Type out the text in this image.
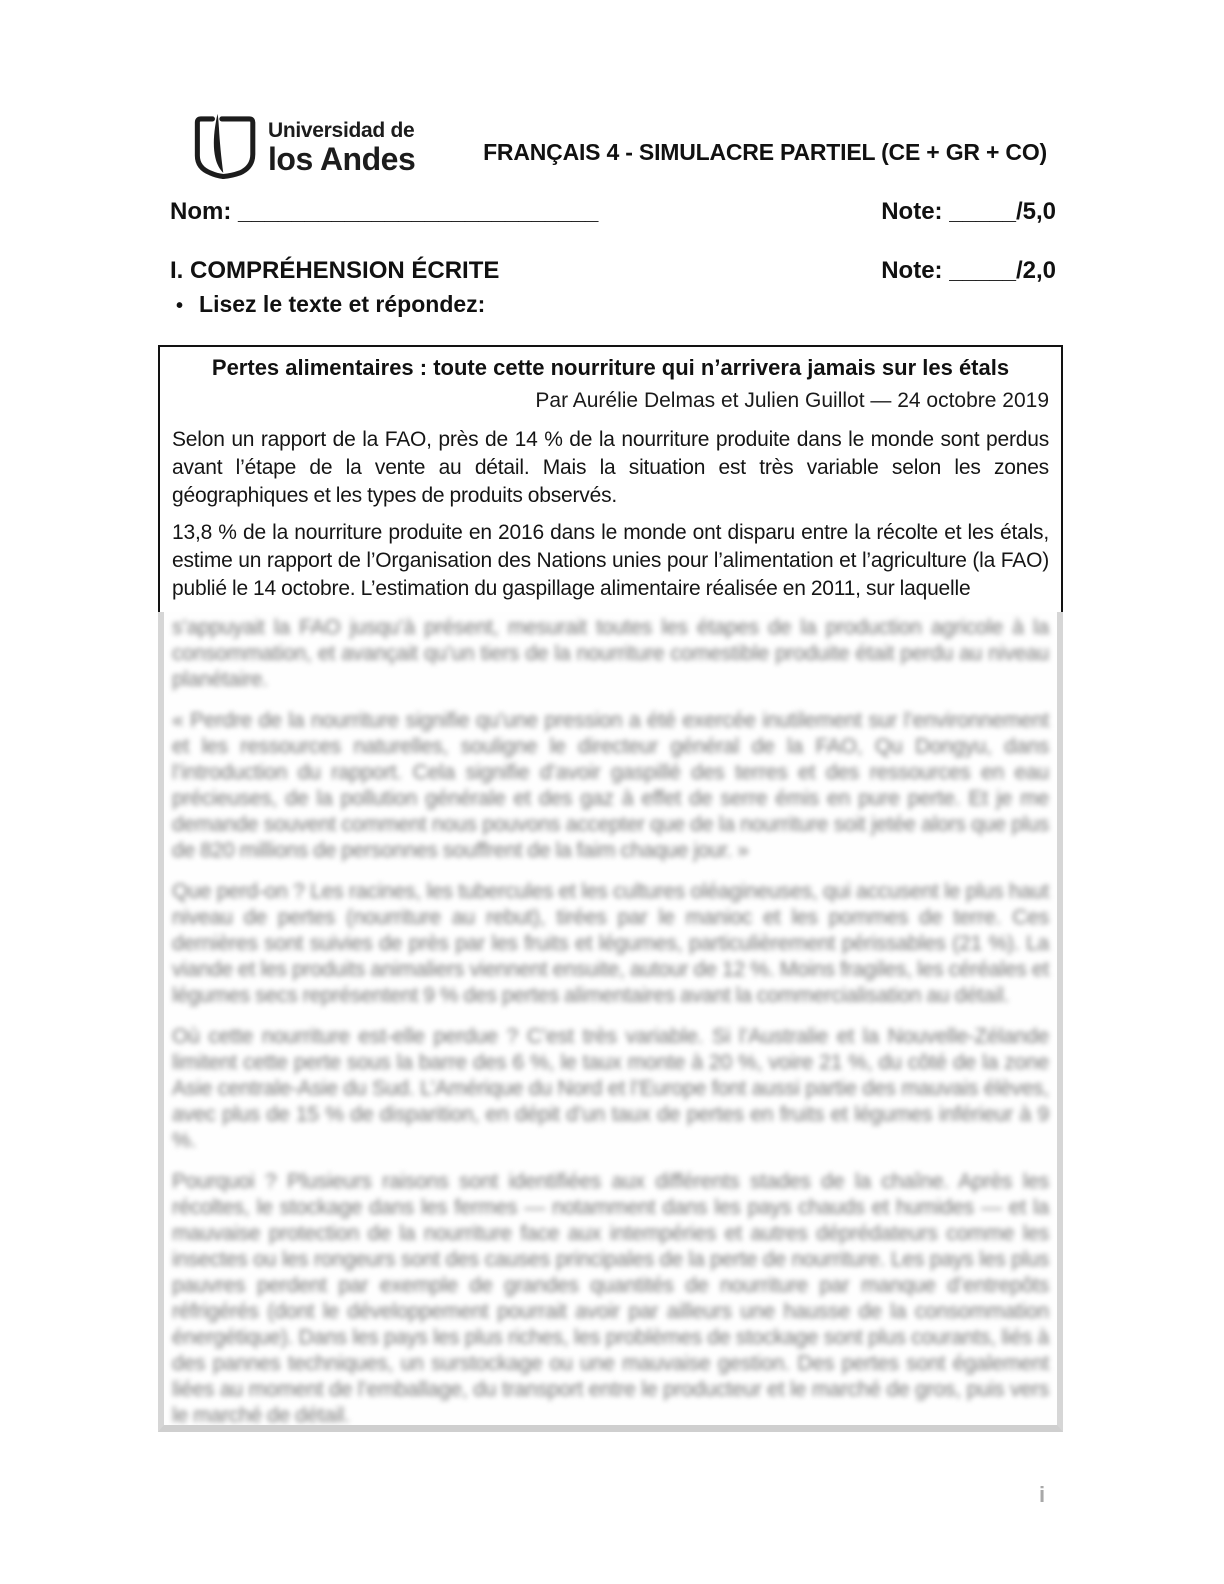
Universidad de
los Andes	FRANÇAIS 4 - SIMULACRE PARTIEL (CE + GR + CO)
Nom: ___________________________	Note: _____/5,0
I. COMPRÉHENSION ÉCRITE	Note: _____/2,0
• Lisez le texte et répondez:
Pertes alimentaires : toute cette nourriture qui n’arrivera jamais sur les étals
Par Aurélie Delmas et Julien Guillot — 24 octobre 2019

Selon un rapport de la FAO, près de 14 % de la nourriture produite dans le monde sont perdus avant l’étape de la vente au détail. Mais la situation est très variable selon les zones géographiques et les types de produits observés.

13,8 % de la nourriture produite en 2016 dans le monde ont disparu entre la récolte et les étals, estime un rapport de l’Organisation des Nations unies pour l’alimentation et l’agriculture (la FAO) publié le 14 octobre. L’estimation du gaspillage alimentaire réalisée en 2011, sur laquelle

s’appuyait la FAO jusqu’à présent, mesurait toutes les étapes de la production agricole à la consommation, et avançait qu’un tiers de la nourriture comestible produite était perdu au niveau planétaire.

« Perdre de la nourriture signifie qu’une pression a été exercée inutilement sur l’environnement et les ressources naturelles, souligne le directeur général de la FAO, Qu Dongyu, dans l’introduction du rapport. Cela signifie d’avoir gaspillé des terres et des ressources en eau précieuses, de la pollution générale et des gaz à effet de serre émis en pure perte. Et je me demande souvent comment nous pouvons accepter que de la nourriture soit jetée alors que plus de 820 millions de personnes souffrent de la faim chaque jour. »

Que perd-on ? Les racines, les tubercules et les cultures oléagineuses, qui accusent le plus haut niveau de pertes (nourriture au rebut), tirées par le manioc et les pommes de terre. Ces dernières sont suivies de près par les fruits et légumes, particulièrement périssables (21 %). La viande et les produits animaliers viennent ensuite, autour de 12 %. Moins fragiles, les céréales et légumes secs représentent 9 % des pertes alimentaires avant la commercialisation au détail.

Où cette nourriture est-elle perdue ? C’est très variable. Si l’Australie et la Nouvelle-Zélande limitent cette perte sous la barre des 6 %, le taux monte à 20 %, voire 21 %, du côté de la zone Asie centrale-Asie du Sud. L’Amérique du Nord et l’Europe font aussi partie des mauvais élèves, avec plus de 15 % de disparition, en dépit d’un taux de pertes en fruits et légumes inférieur à 9 %.

Pourquoi ? Plusieurs raisons sont identifiées aux différents stades de la chaîne. Après les récoltes, le stockage dans les fermes — notamment dans les pays chauds et humides — et la mauvaise protection de la nourriture face aux intempéries et autres déprédateurs comme les insectes ou les rongeurs sont des causes principales de la perte de nourriture. Les pays les plus pauvres perdent par exemple de grandes quantités de nourriture par manque d’entrepôts réfrigérés (dont le développement pourrait avoir par ailleurs une hausse de la consommation énergétique). Dans les pays les plus riches, les problèmes de stockage sont plus courants, liés à des pannes techniques, un surstockage ou une mauvaise gestion. Des pertes sont également liées au moment de l’emballage, du transport entre le producteur et le marché de gros, puis vers le marché de détail.

i
